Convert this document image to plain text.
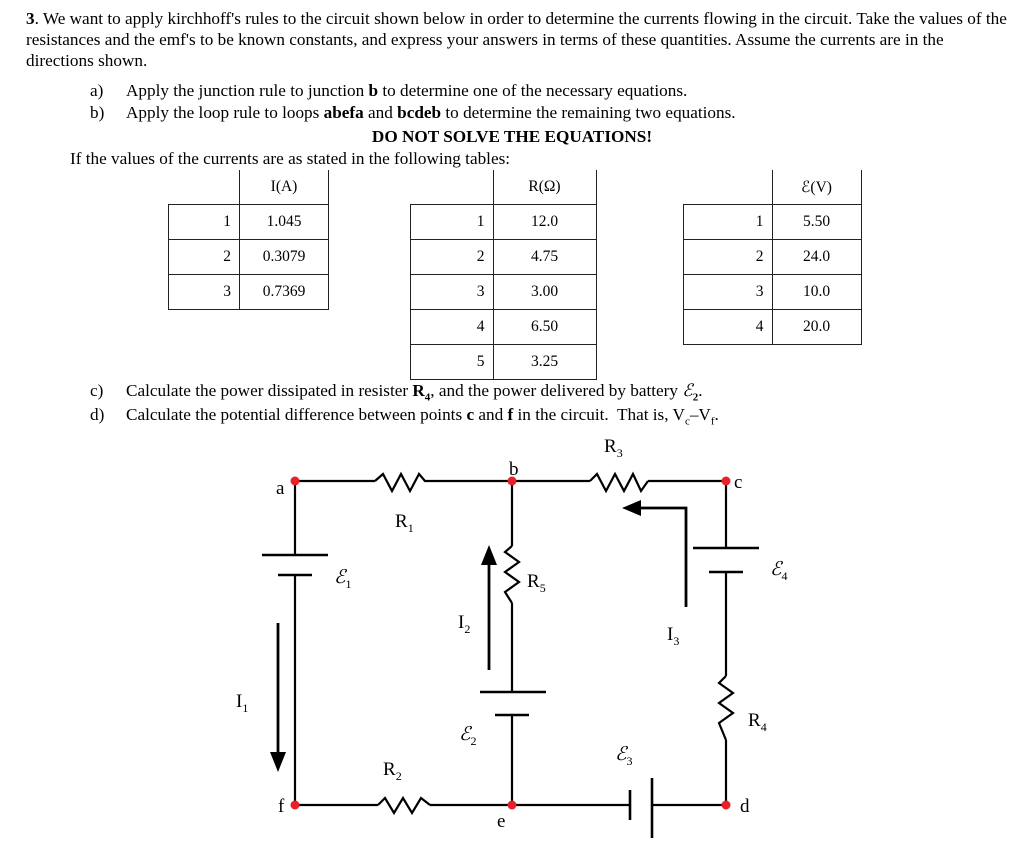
3. We want to apply kirchhoff's rules to the circuit shown below in order to determine the currents flowing in the circuit. Take the values of the resistances and the emf's to be known constants, and express your answers in terms of these quantities. Assume the currents are in the directions shown.

a) Apply the junction rule to junction b to determine one of the necessary equations.
b) Apply the loop rule to loops abefa and bcdeb to determine the remaining two equations.
DO NOT SOLVE THE EQUATIONS!
If the values of the currents are as stated in the following tables:
	I(A)
1	1.045
2	0.3079
3	0.7369
	R(Ω)
1	12.0
2	4.75
3	3.00
4	6.50
5	3.25
	ℰ(V)
1	5.50
2	24.0
3	10.0
4	20.0
c) Calculate the power dissipated in resister $R_4$, and the power delivered by battery ℰ$_2$.
d) Calculate the potential difference between points c and f in the circuit.  That is, $V_c-V_f$.
a
b
c
d
e
f
$R_1$
$R_3$
$R_5$
$R_4$
$R_2$
$I_1$
$I_2$	$I_3$
ℰ$_1$
ℰ$_2$
ℰ$_3$
ℰ$_4$
